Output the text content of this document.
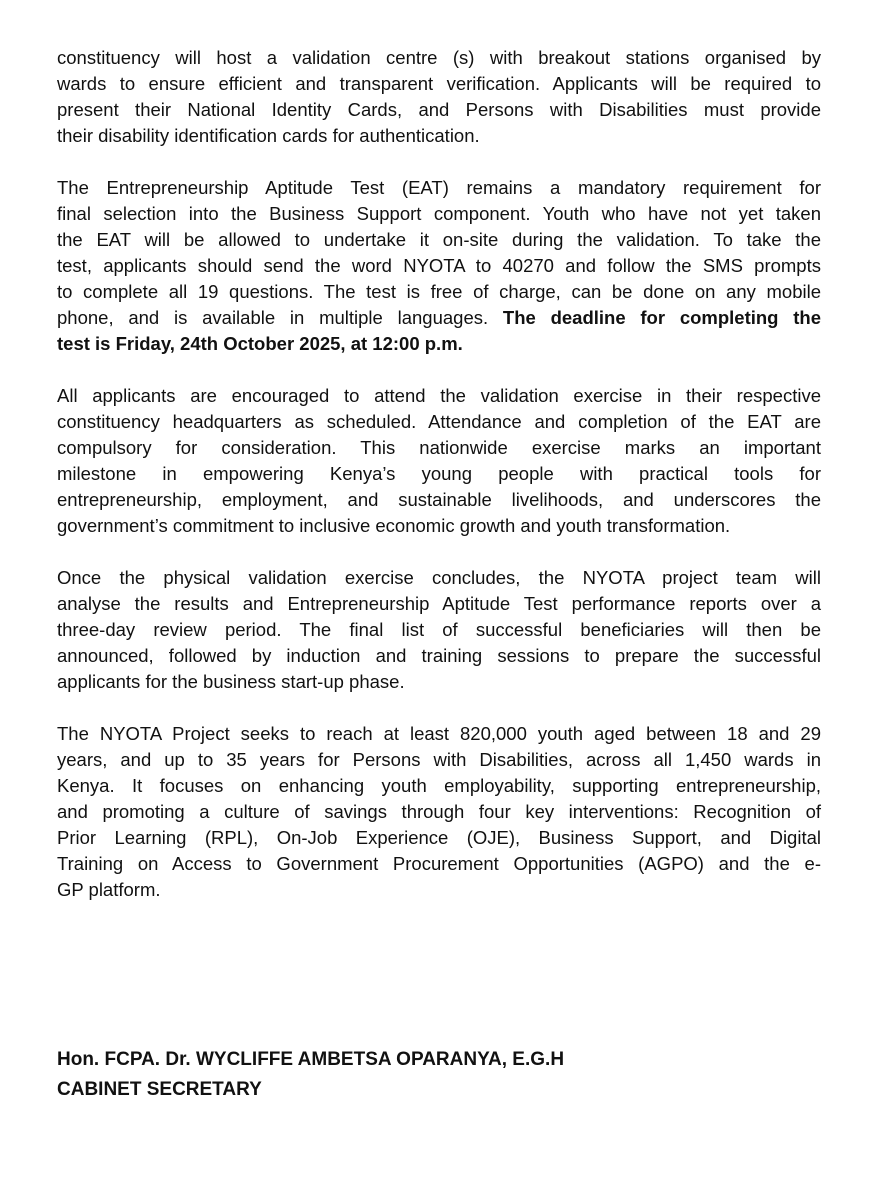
constituency will host a validation centre (s) with breakout stations organised by
wards to ensure efficient and transparent verification. Applicants will be required to
present their National Identity Cards, and Persons with Disabilities must provide
their disability identification cards for authentication.
The Entrepreneurship Aptitude Test (EAT) remains a mandatory requirement for
final selection into the Business Support component. Youth who have not yet taken
the EAT will be allowed to undertake it on-site during the validation. To take the
test, applicants should send the word NYOTA to 40270 and follow the SMS prompts
to complete all 19 questions. The test is free of charge, can be done on any mobile
phone, and is available in multiple languages. The deadline for completing the
test is Friday, 24th October 2025, at 12:00 p.m.
All applicants are encouraged to attend the validation exercise in their respective
constituency headquarters as scheduled. Attendance and completion of the EAT are
compulsory for consideration. This nationwide exercise marks an important
milestone in empowering Kenya’s young people with practical tools for
entrepreneurship, employment, and sustainable livelihoods, and underscores the
government’s commitment to inclusive economic growth and youth transformation.
Once the physical validation exercise concludes, the NYOTA project team will
analyse the results and Entrepreneurship Aptitude Test performance reports over a
three-day review period. The final list of successful beneficiaries will then be
announced, followed by induction and training sessions to prepare the successful
applicants for the business start-up phase.
The NYOTA Project seeks to reach at least 820,000 youth aged between 18 and 29
years, and up to 35 years for Persons with Disabilities, across all 1,450 wards in
Kenya. It focuses on enhancing youth employability, supporting entrepreneurship,
and promoting a culture of savings through four key interventions: Recognition of
Prior Learning (RPL), On-Job Experience (OJE), Business Support, and Digital
Training on Access to Government Procurement Opportunities (AGPO) and the e-
GP platform.
Hon. FCPA. Dr. WYCLIFFE AMBETSA OPARANYA, E.G.H
CABINET SECRETARY
